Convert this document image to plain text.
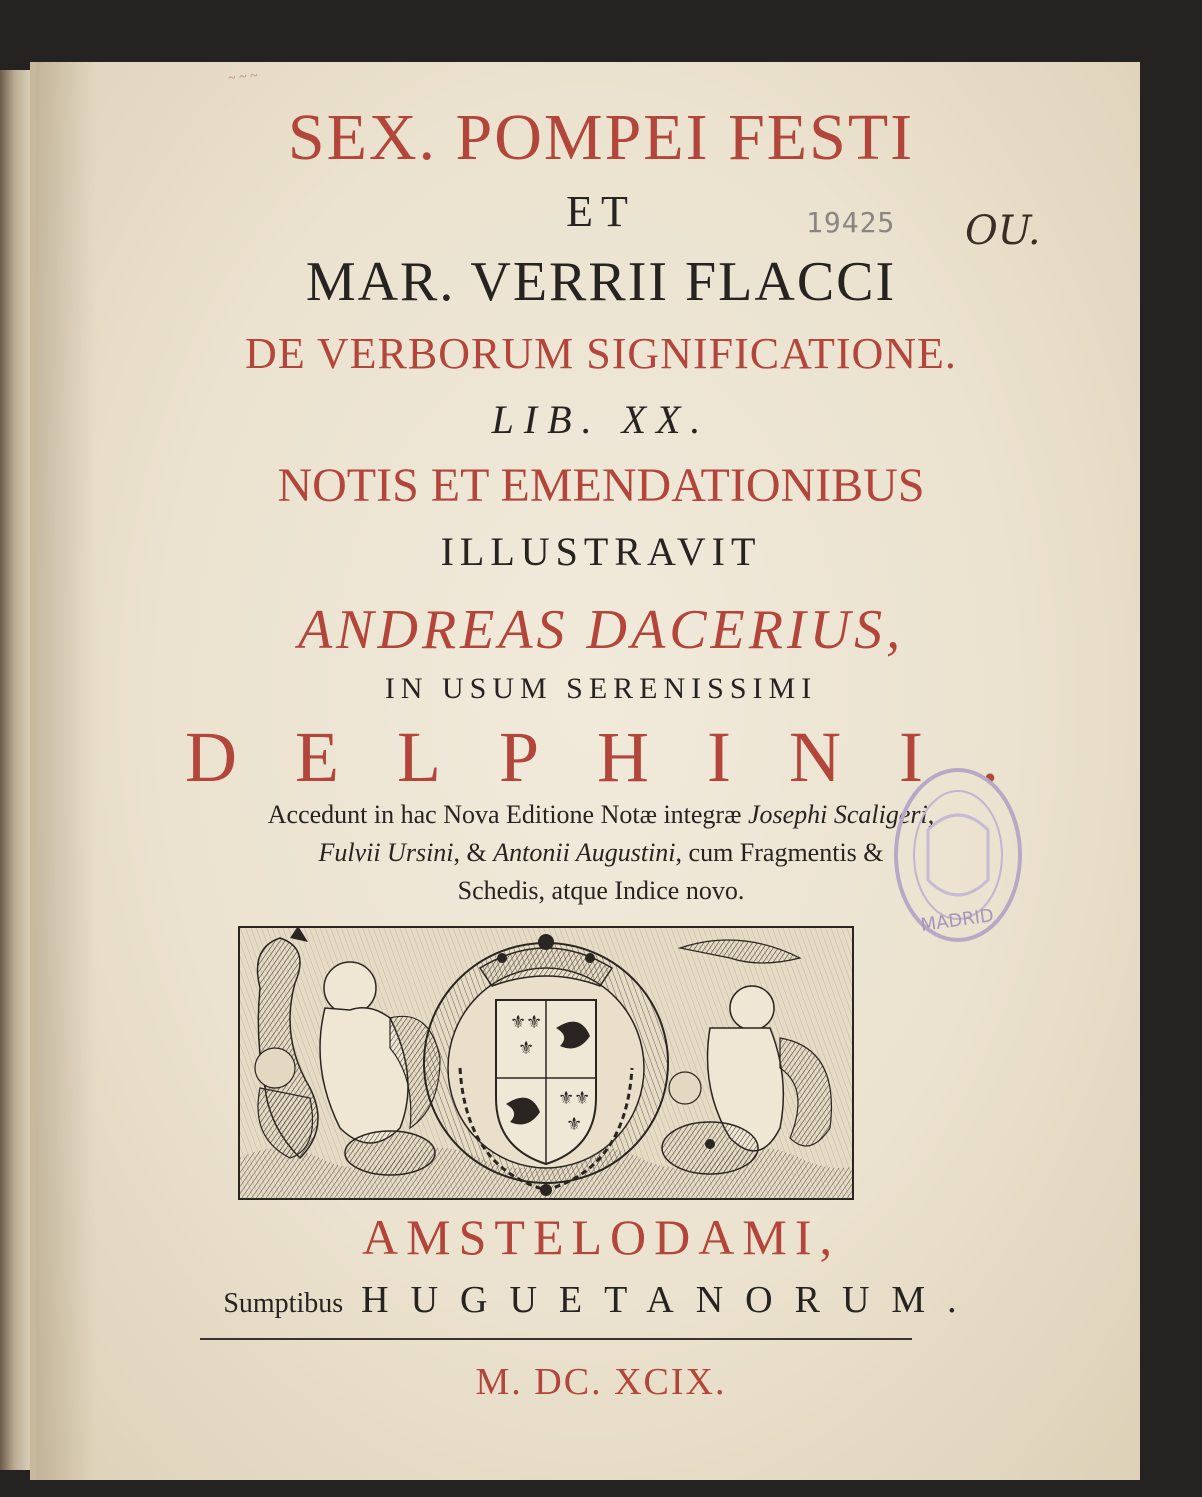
~ ~ ~
SEX. POMPEI FESTI
ET
MAR. VERRII FLACCI
DE VERBORUM SIGNIFICATIONE.
LIB. XX.
NOTIS ET EMENDATIONIBUS
ILLUSTRAVIT
ANDREAS DACERIUS,
IN USUM SERENISSIMI
DELPHINI.
Accedunt in hac Nova Editione Notæ integræ Josephi Scaligeri,
Fulvii Ursini, & Antonii Augustini, cum Fragmentis &
Schedis, atque Indice novo.
19425 OU.
MADRID
⚜ ⚜
⚜
⚜ ⚜
⚜
AMSTELODAMI,
Sumptibus HUGUETANORUM.
M. DC. XCIX.
